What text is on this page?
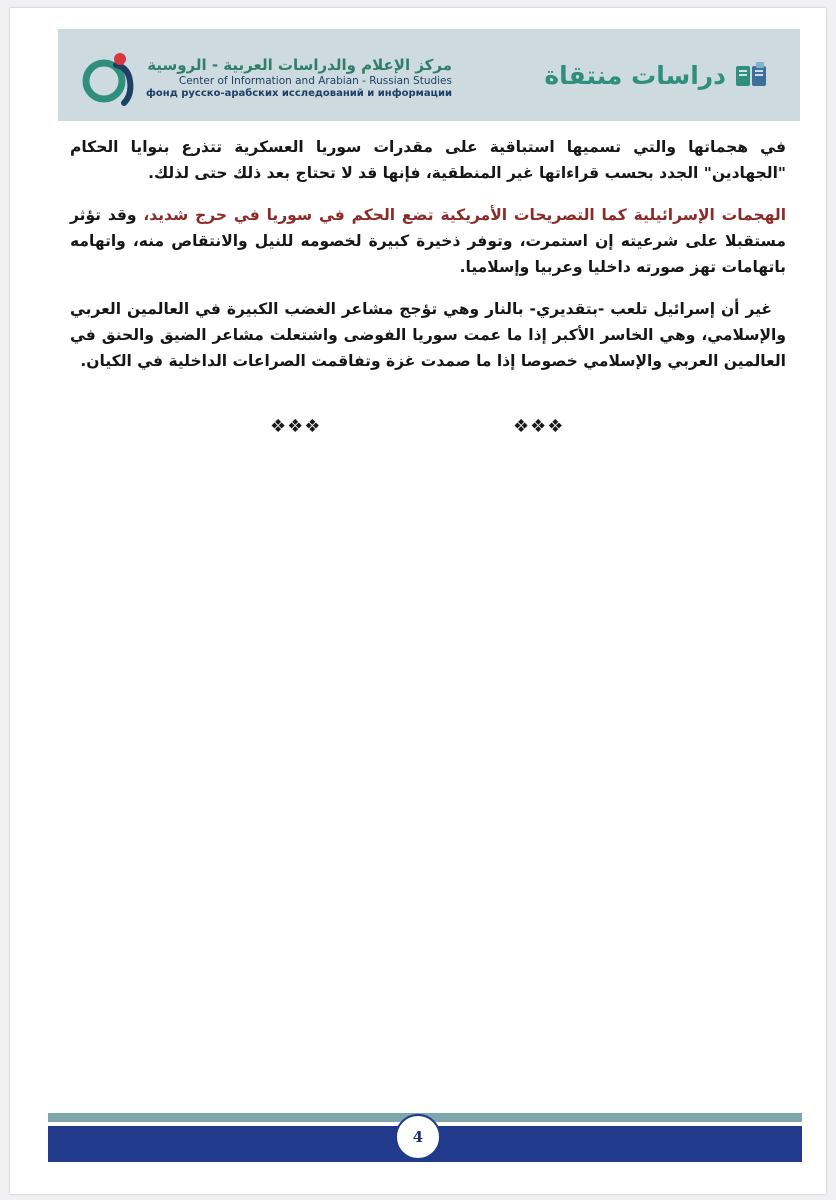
دراسات منتقاة
مركز الإعلام والدراسات العربية - الروسية
Center of Information and Arabian - Russian Studies
фонд русско-арабских исследований и информации

في هجماتها والتي تسميها استباقية على مقدرات سوريا العسكرية تتذرع بنوايا الحكام "الجهادين" الجدد بحسب قراءاتها غير المنطقية، فإنها قد لا تحتاج بعد ذلك حتى لذلك.

الهجمات الإسرائيلية كما التصريحات الأمريكية تضع الحكم في سوريا في حرج شديد، وقد تؤثر مستقبلا على شرعيته إن استمرت، وتوفر ذخيرة كبيرة لخصومه للنيل والانتقاص منه، واتهامه باتهامات تهز صورته داخليا وعربيا وإسلاميا.

غير أن إسرائيل تلعب -بتقديري- بالنار وهي تؤجج مشاعر الغضب الكبيرة في العالمين العربي والإسلامي، وهي الخاسر الأكبر إذا ما عمت سوريا الفوضى واشتعلت مشاعر الضيق والحنق في العالمين العربي والإسلامي خصوصا إذا ما صمدت غزة وتفاقمت الصراعات الداخلية في الكيان.

❖❖❖	❖❖❖
4
